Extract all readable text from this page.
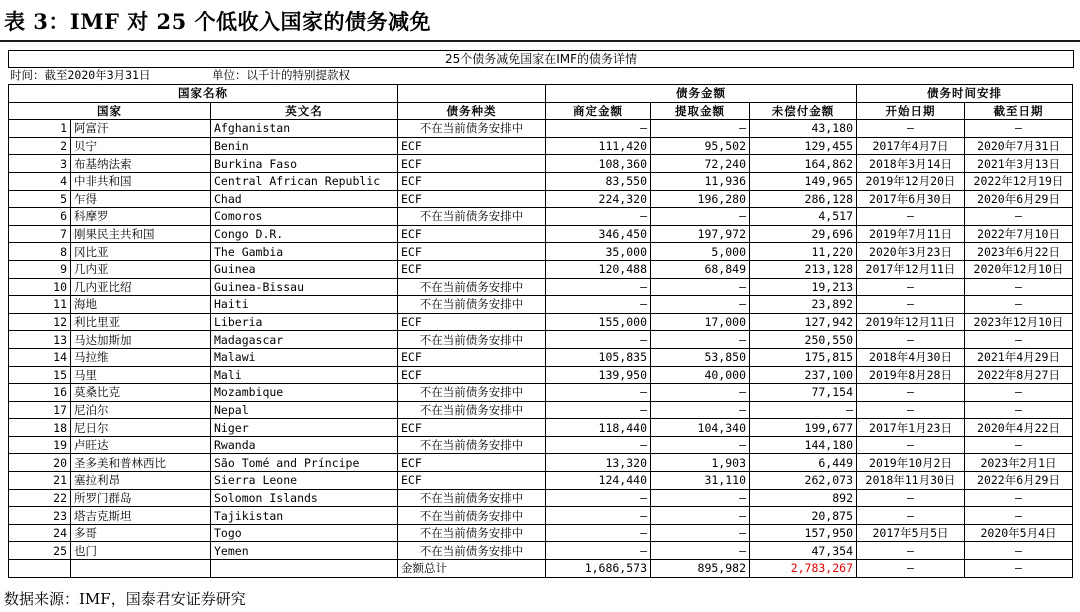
表 3：IMF 对 25 个低收入国家的债务减免
25个债务减免国家在IMF的债务详情
时间：截至2020年3月31日	单位：以千计的特别提款权
国家名称				债务金额			债务时间安排	
国家		英文名	债务种类	商定金额	提取金额	未偿付金额	开始日期	截至日期
1	阿富汗	Afghanistan	不在当前债务安排中	–	–	43,180	–	–
2	贝宁	Benin	ECF	111,420	95,502	129,455	2017年4月7日	2020年7月31日
3	布基纳法索	Burkina Faso	ECF	108,360	72,240	164,862	2018年3月14日	2021年3月13日
4	中非共和国	Central African Republic	ECF	83,550	11,936	149,965	2019年12月20日	2022年12月19日
5	乍得	Chad	ECF	224,320	196,280	286,128	2017年6月30日	2020年6月29日
6	科摩罗	Comoros	不在当前债务安排中	–	–	4,517	–	–
7	刚果民主共和国	Congo D.R.	ECF	346,450	197,972	29,696	2019年7月11日	2022年7月10日
8	冈比亚	The Gambia	ECF	35,000	5,000	11,220	2020年3月23日	2023年6月22日
9	几内亚	Guinea	ECF	120,488	68,849	213,128	2017年12月11日	2020年12月10日
10	几内亚比绍	Guinea-Bissau	不在当前债务安排中	–	–	19,213	–	–
11	海地	Haiti	不在当前债务安排中	–	–	23,892	–	–
12	利比里亚	Liberia	ECF	155,000	17,000	127,942	2019年12月11日	2023年12月10日
13	马达加斯加	Madagascar	不在当前债务安排中	–	–	250,550	–	–
14	马拉维	Malawi	ECF	105,835	53,850	175,815	2018年4月30日	2021年4月29日
15	马里	Mali	ECF	139,950	40,000	237,100	2019年8月28日	2022年8月27日
16	莫桑比克	Mozambique	不在当前债务安排中	–	–	77,154	–	–
17	尼泊尔	Nepal	不在当前债务安排中	–	–	–	–	–
18	尼日尔	Niger	ECF	118,440	104,340	199,677	2017年1月23日	2020年4月22日
19	卢旺达	Rwanda	不在当前债务安排中	–	–	144,180	–	–
20	圣多美和普林西比	São Tomé and Príncipe	ECF	13,320	1,903	6,449	2019年10月2日	2023年2月1日
21	塞拉利昂	Sierra Leone	ECF	124,440	31,110	262,073	2018年11月30日	2022年6月29日
22	所罗门群岛	Solomon Islands	不在当前债务安排中	–	–	892	–	–
23	塔吉克斯坦	Tajikistan	不在当前债务安排中	–	–	20,875	–	–
24	多哥	Togo	不在当前债务安排中	–	–	157,950	2017年5月5日	2020年5月4日
25	也门	Yemen	不在当前债务安排中	–	–	47,354	–	–
			金额总计	1,686,573	895,982	2,783,267	–	–
数据来源：IMF，国泰君安证券研究
